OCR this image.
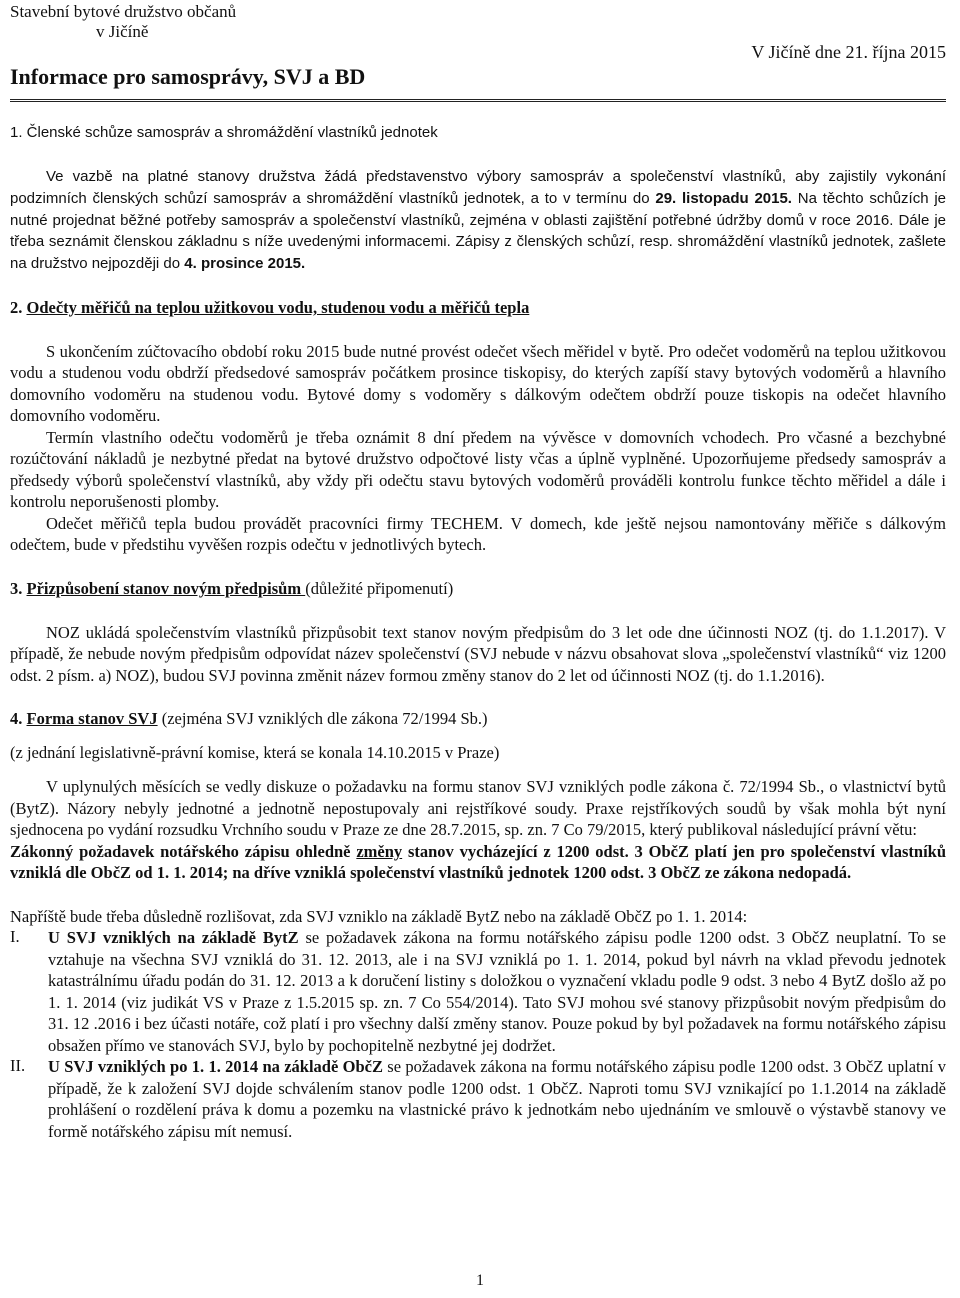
Stavební bytové družstvo občanů
v Jičíně
Informace pro samosprávy, SVJ a BD
V Jičíně dne 21. října 2015
1. Členské schůze samospráv a shromáždění vlastníků jednotek

Ve vazbě na platné stanovy družstva žádá představenstvo výbory samospráv a společenství vlastníků, aby zajistily vykonání podzimních členských schůzí samospráv a shromáždění vlastníků jednotek, a to v termínu do 29. listopadu 2015. Na těchto schůzích je nutné projednat běžné potřeby samospráv a společenství vlastníků, zejména v oblasti zajištění potřebné údržby domů v roce 2016. Dále je třeba seznámit členskou základnu s níže uvedenými informacemi. Zápisy z členských schůzí, resp. shromáždění vlastníků jednotek, zašlete na družstvo nejpozději do 4. prosince 2015.

2. Odečty měřičů na teplou užitkovou vodu, studenou vodu a měřičů tepla

S ukončením zúčtovacího období roku 2015 bude nutné provést odečet všech měřidel v bytě. Pro odečet vodoměrů na teplou užitkovou vodu a studenou vodu obdrží předsedové samospráv počátkem prosince tiskopisy, do kterých zapíší stavy bytových vodoměrů a hlavního domovního vodoměru na studenou vodu. Bytové domy s vodoměry s dálkovým odečtem obdrží pouze tiskopis na odečet hlavního domovního vodoměru.

Termín vlastního odečtu vodoměrů je třeba oznámit 8 dní předem na vývěsce v domovních vchodech. Pro včasné a bezchybné rozúčtování nákladů je nezbytné předat na bytové družstvo odpočtové listy včas a úplně vyplněné. Upozorňujeme předsedy samospráv a předsedy výborů společenství vlastníků, aby vždy při odečtu stavu bytových vodoměrů prováděli kontrolu funkce těchto měřidel a dále i kontrolu neporušenosti plomby.

Odečet měřičů tepla budou provádět pracovníci firmy TECHEM. V domech, kde ještě nejsou namontovány měřiče s dálkovým odečtem, bude v předstihu vyvěšen rozpis odečtu v jednotlivých bytech.

3. Přizpůsobení stanov novým předpisům (důležité připomenutí)

NOZ ukládá společenstvím vlastníků přizpůsobit text stanov novým předpisům do 3 let ode dne účinnosti NOZ (tj. do 1.1.2017). V případě, že nebude novým předpisům odpovídat název společenství (SVJ nebude v názvu obsahovat slova „společenství vlastníků“ viz 1200 odst. 2 písm. a) NOZ), budou SVJ povinna změnit název formou změny stanov do 2 let od účinnosti NOZ (tj. do 1.1.2016).

4. Forma stanov SVJ (zejména SVJ vzniklých dle zákona 72/1994 Sb.)
(z jednání legislativně-právní komise, která se konala 14.10.2015 v Praze)

V uplynulých měsících se vedly diskuze o požadavku na formu stanov SVJ vzniklých podle zákona č. 72/1994 Sb., o vlastnictví bytů (BytZ). Názory nebyly jednotné a jednotně nepostupovaly ani rejstříkové soudy. Praxe rejstříkových soudů by však mohla být nyní sjednocena po vydání rozsudku Vrchního soudu v Praze ze dne 28.7.2015, sp. zn. 7 Co 79/2015, který publikoval následující právní větu:

Zákonný požadavek notářského zápisu ohledně změny stanov vycházející z 1200 odst. 3 ObčZ platí jen pro společenství vlastníků vzniklá dle ObčZ od 1. 1. 2014; na dříve vzniklá společenství vlastníků jednotek 1200 odst. 3 ObčZ ze zákona nedopadá.

Napříště bude třeba důsledně rozlišovat, zda SVJ vzniklo na základě BytZ nebo na základě ObčZ po 1. 1. 2014:

I.	U SVJ vzniklých na základě BytZ se požadavek zákona na formu notářského zápisu podle 1200 odst. 3 ObčZ neuplatní. To se vztahuje na všechna SVJ vzniklá do 31. 12. 2013, ale i na SVJ vzniklá po 1. 1. 2014, pokud byl návrh na vklad převodu jednotek katastrálnímu úřadu podán do 31. 12. 2013 a k doručení listiny s doložkou o vyznačení vkladu podle 9 odst. 3 nebo 4 BytZ došlo až po 1. 1. 2014 (viz judikát VS v Praze z 1.5.2015 sp. zn. 7 Co 554/2014). Tato SVJ mohou své stanovy přizpůsobit novým předpisům do 31. 12 .2016 i bez účasti notáře, což platí i pro všechny další změny stanov. Pouze pokud by byl požadavek na formu notářského zápisu obsažen přímo ve stanovách SVJ, bylo by pochopitelně nezbytné jej dodržet.

II.	U SVJ vzniklých po 1. 1. 2014 na základě ObčZ se požadavek zákona na formu notářského zápisu podle 1200 odst. 3 ObčZ uplatní v případě, že k založení SVJ dojde schválením stanov podle 1200 odst. 1 ObčZ. Naproti tomu SVJ vznikající po 1.1.2014 na základě prohlášení o rozdělení práva k domu a pozemku na vlastnické právo k jednotkám nebo ujednáním ve smlouvě o výstavbě stanovy ve formě notářského zápisu mít nemusí.

1
